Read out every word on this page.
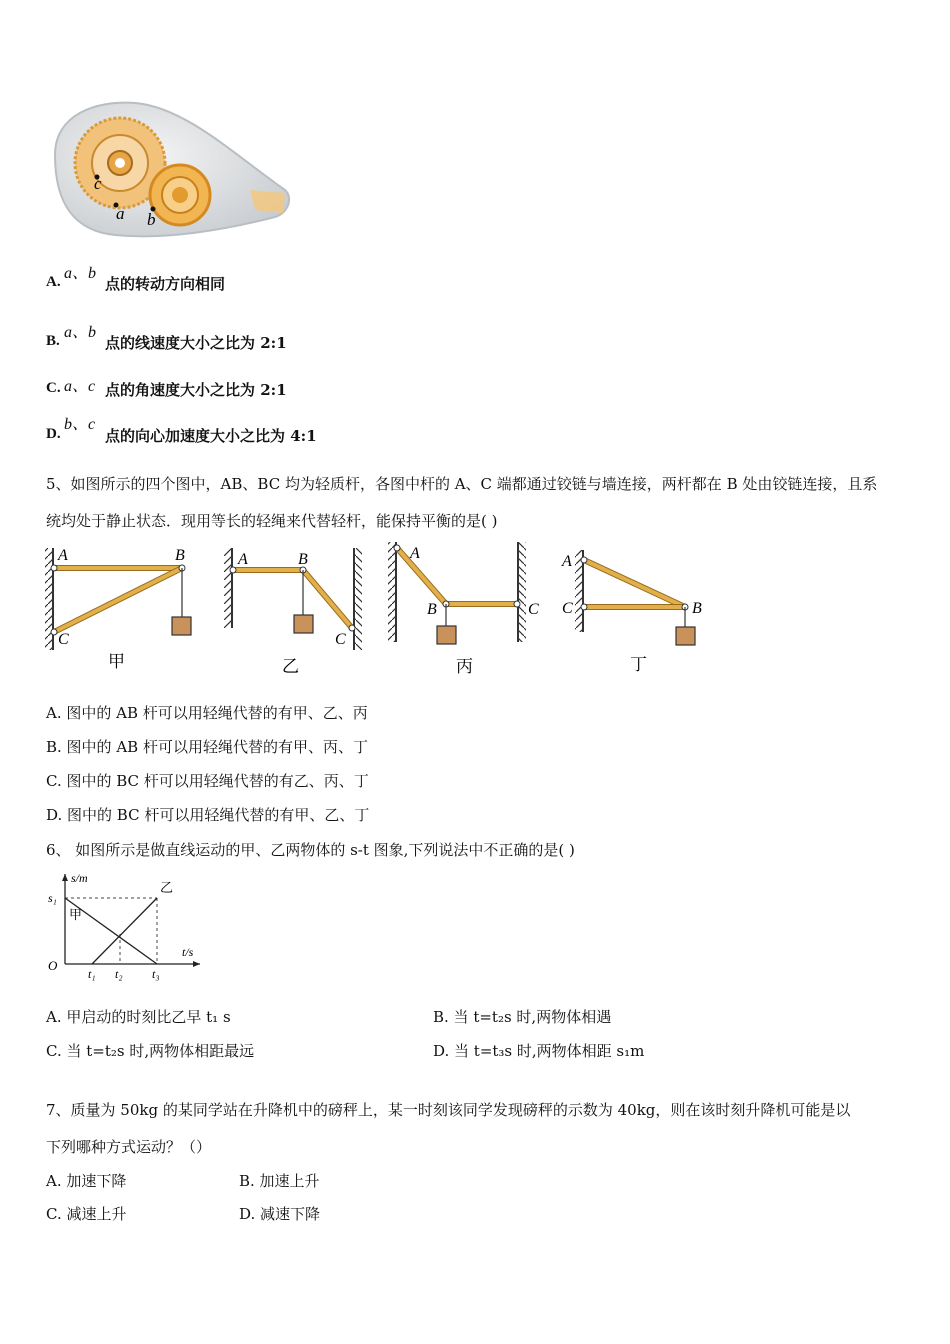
c
a b
a、b
A.	点的转动方向相同
a、b
B.	点的线速度大小之比为 2:1
a、c
C.	点的角速度大小之比为 2:1
b、c
D.	点的向心加速度大小之比为 4:1
5、如图所示的四个图中，AB、BC 均为轻质杆，各图中杆的 A、C 端都通过铰链与墙连接，两杆都在 B 处由铰链连接，且系
统均处于静止状态．现用等长的轻绳来代替轻杆，能保持平衡的是( )
A	B
C
甲
A	B
C
乙
A
B	C
丙
A
C	B
丁
A. 图中的 AB 杆可以用轻绳代替的有甲、乙、丙
B. 图中的 AB 杆可以用轻绳代替的有甲、丙、丁
C. 图中的 BC 杆可以用轻绳代替的有乙、丙、丁
D. 图中的 BC 杆可以用轻绳代替的有甲、乙、丁
6、 如图所示是做直线运动的甲、乙两物体的 s-t 图象,下列说法中不正确的是( )
s/m
t/s
O
s₁
t₁ t₂ t₃
甲
乙
A. 甲启动的时刻比乙早 t₁ s	B. 当 t=t₂s 时,两物体相遇
C. 当 t=t₂s 时,两物体相距最远	D. 当 t=t₃s 时,两物体相距 s₁m
7、质量为 50kg 的某同学站在升降机中的磅秤上，某一时刻该同学发现磅秤的示数为 40kg，则在该时刻升降机可能是以
下列哪种方式运动？（）
A. 加速下降	B. 加速上升
C. 减速上升	D. 减速下降
